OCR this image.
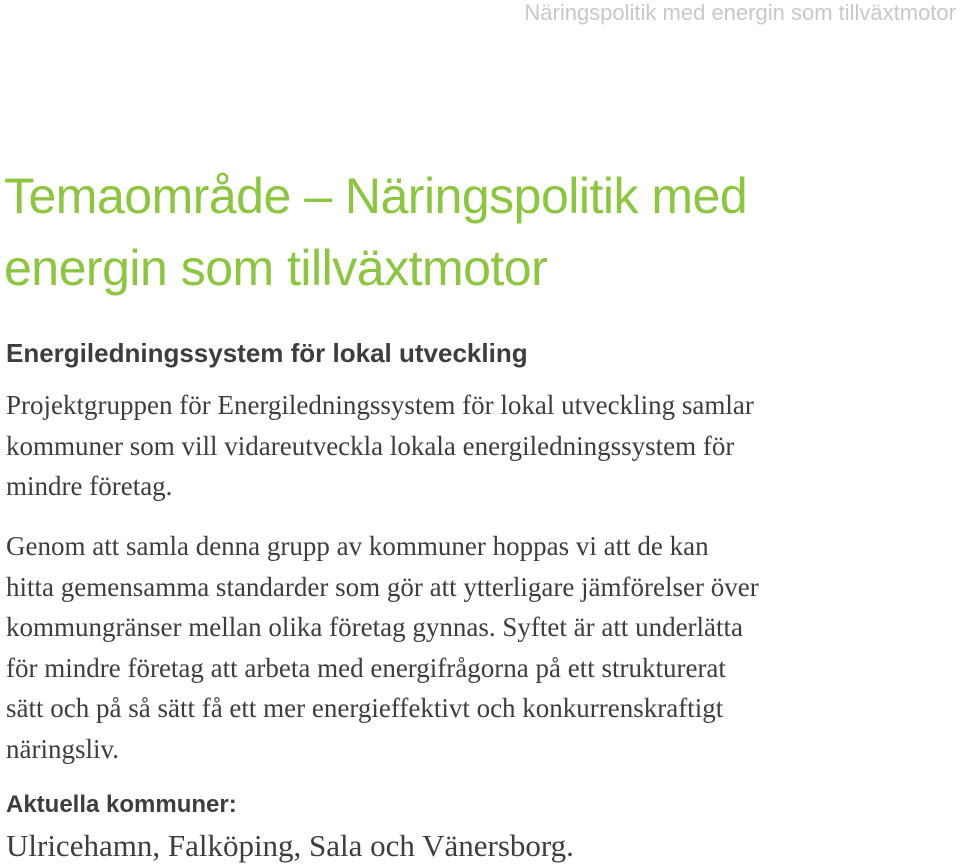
Näringspolitik med energin som tillväxtmotor
Temaområde – Näringspolitik med
energin som tillväxtmotor
Energiledningssystem för lokal utveckling

Projektgruppen för Energiledningssystem för lokal utveckling samlar
kommuner som vill vidareutveckla lokala energiledningssystem för
mindre företag.

Genom att samla denna grupp av kommuner hoppas vi att de kan
hitta gemensamma standarder som gör att ytterligare jämförelser över
kommungränser mellan olika företag gynnas. Syftet är att underlätta
för mindre företag att arbeta med energifrågorna på ett strukturerat
sätt och på så sätt få ett mer energieffektivt och konkurrenskraftigt
näringsliv.

Aktuella kommuner:
Ulricehamn, Falköping, Sala och Vänersborg.
